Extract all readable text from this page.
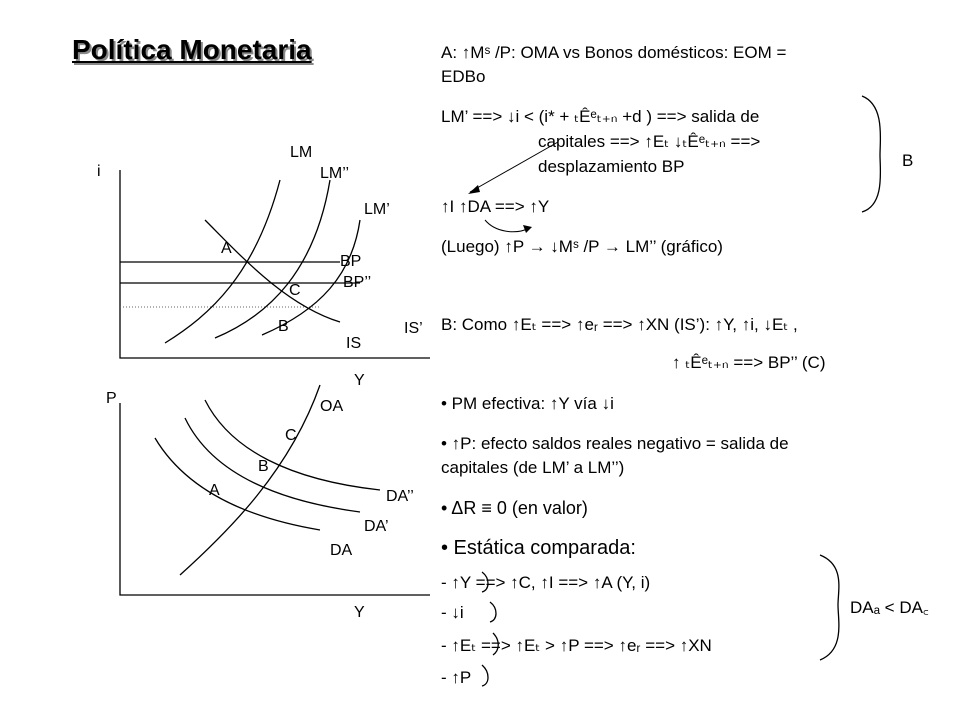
Política Monetaria
i
Y
LM
LM’’
LM’
BP
BP’’
IS
IS’
A
C
B
P
Y
OA
DA’’
DA’
DA
C
B
A
A: ↑Mˢ /P: OMA vs Bonos domésticos: EOM =
EDBo
LM’ ==> ↓i < (i* + ₜÊᵉₜ₊ₙ +d ) ==> salida de
capitales ==> ↑Eₜ ↓ₜÊᵉₜ₊ₙ ==>
desplazamiento BP	B
↑I ↑DA ==> ↑Y
(Luego) ↑P → ↓Mˢ /P → LM’’ (gráfico)
B: Como ↑Eₜ ==> ↑eᵣ ==> ↑XN (IS’): ↑Y, ↑i, ↓Eₜ ,
↑ ₜÊᵉₜ₊ₙ ==> BP’’ (C)
• PM efectiva: ↑Y vía ↓i
• ↑P: efecto saldos reales negativo = salida de
capitales (de LM’ a LM’’)
• ΔR ≡ 0 (en valor)
• Estática comparada:
- ↑Y ==> ↑C, ↑I ==> ↑A (Y, i)
- ↓i
- ↑Eₜ ==> ↑Eₜ > ↑P ==> ↑eᵣ ==> ↑XN
- ↑P
DAₐ < DA꜀
